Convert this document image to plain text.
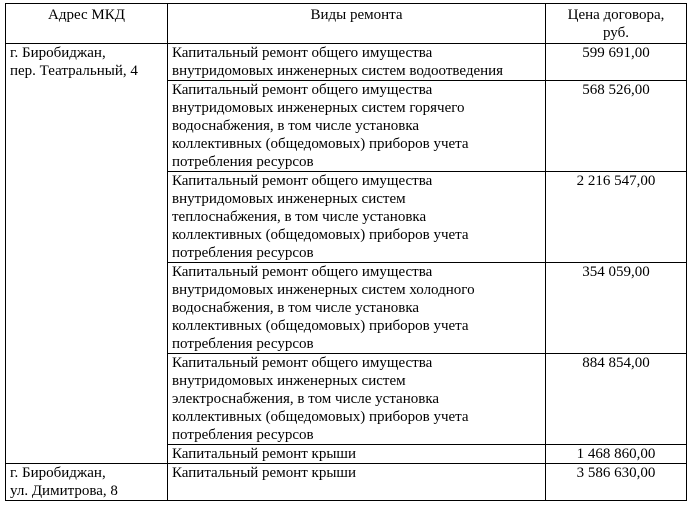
Адрес МКД	Виды ремонта	Цена договора,
руб.

г. Биробиджан,
пер. Театральный, 4	Капитальный ремонт общего имущества
внутридомовых инженерных систем водоотведения	599 691,00

	Капитальный ремонт общего имущества
внутридомовых инженерных систем горячего
водоснабжения, в том числе установка
коллективных (общедомовых) приборов учета
потребления ресурсов	568 526,00

	Капитальный ремонт общего имущества
внутридомовых инженерных систем
теплоснабжения, в том числе установка
коллективных (общедомовых) приборов учета
потребления ресурсов	2 216 547,00

	Капитальный ремонт общего имущества
внутридомовых инженерных систем холодного
водоснабжения, в том числе установка
коллективных (общедомовых) приборов учета
потребления ресурсов	354 059,00

	Капитальный ремонт общего имущества
внутридомовых инженерных систем
электроснабжения, в том числе установка
коллективных (общедомовых) приборов учета
потребления ресурсов	884 854,00

	Капитальный ремонт крыши	1 468 860,00

г. Биробиджан,
ул. Димитрова, 8	Капитальный ремонт крыши	3 586 630,00
